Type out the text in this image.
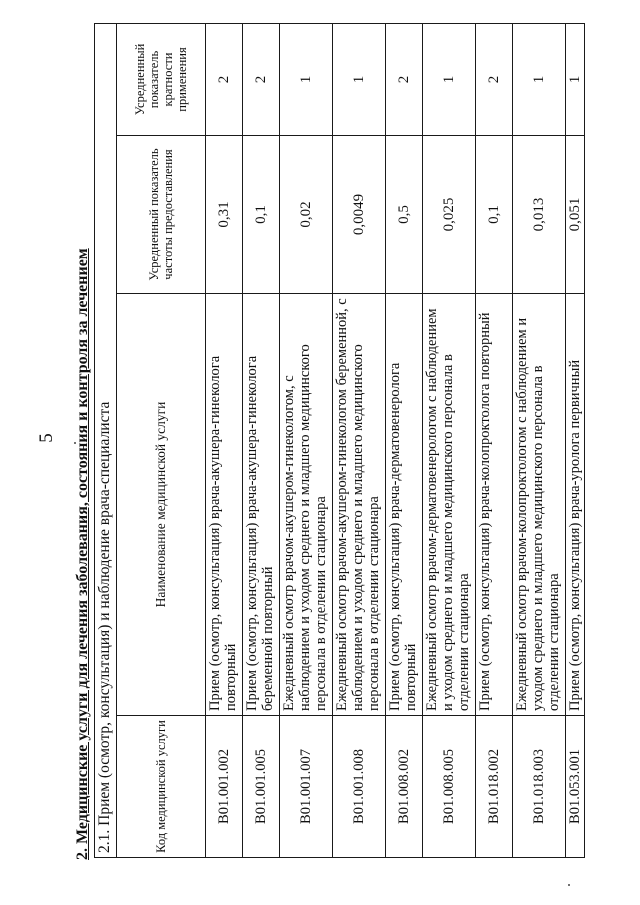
5 2. Медицинские услуги для лечения заболевания, состояния и контроля за лечением 2.1. Прием (осмотр, консультация) и наблюдение врача-специалиста			
Код медицинской услуги	Наименование медицинской услуги	Усредненный показатель частоты предоставления	Усредненный показатель кратности применения
B01.001.002	Прием (осмотр, консультация) врача-акушера-гинеколога повторный	0,31	2
B01.001.005	Прием (осмотр, консультация) врача-акушера-гинеколога беременной повторный	0,1	2
B01.001.007	Ежедневный осмотр врачом-акушером-гинекологом, с наблюдением и уходом среднего и младшего медицинского персонала в отделении стационара	0,02	1
B01.001.008	Ежедневный осмотр врачом-акушером-гинекологом беременной, с наблюдением и уходом среднего и младшего медицинского персонала в отделении стационара	0,0049	1
B01.008.002	Прием (осмотр, консультация) врача-дерматовенеролога повторный	0,5	2
B01.008.005	Ежедневный осмотр врачом-дерматовенерологом с наблюдением и уходом среднего и младшего медицинского персонала в отделении стационара	0,025	1
B01.018.002	Прием (осмотр, консультация) врача-колопроктолога повторный	0,1	2
B01.018.003	Ежедневный осмотр врачом-колопроктологом с наблюдением и уходом среднего и младшего медицинского персонала в отделении стационара	0,013	1
B01.053.001	Прием (осмотр, консультация) врача-уролога первичный	0,051	1
